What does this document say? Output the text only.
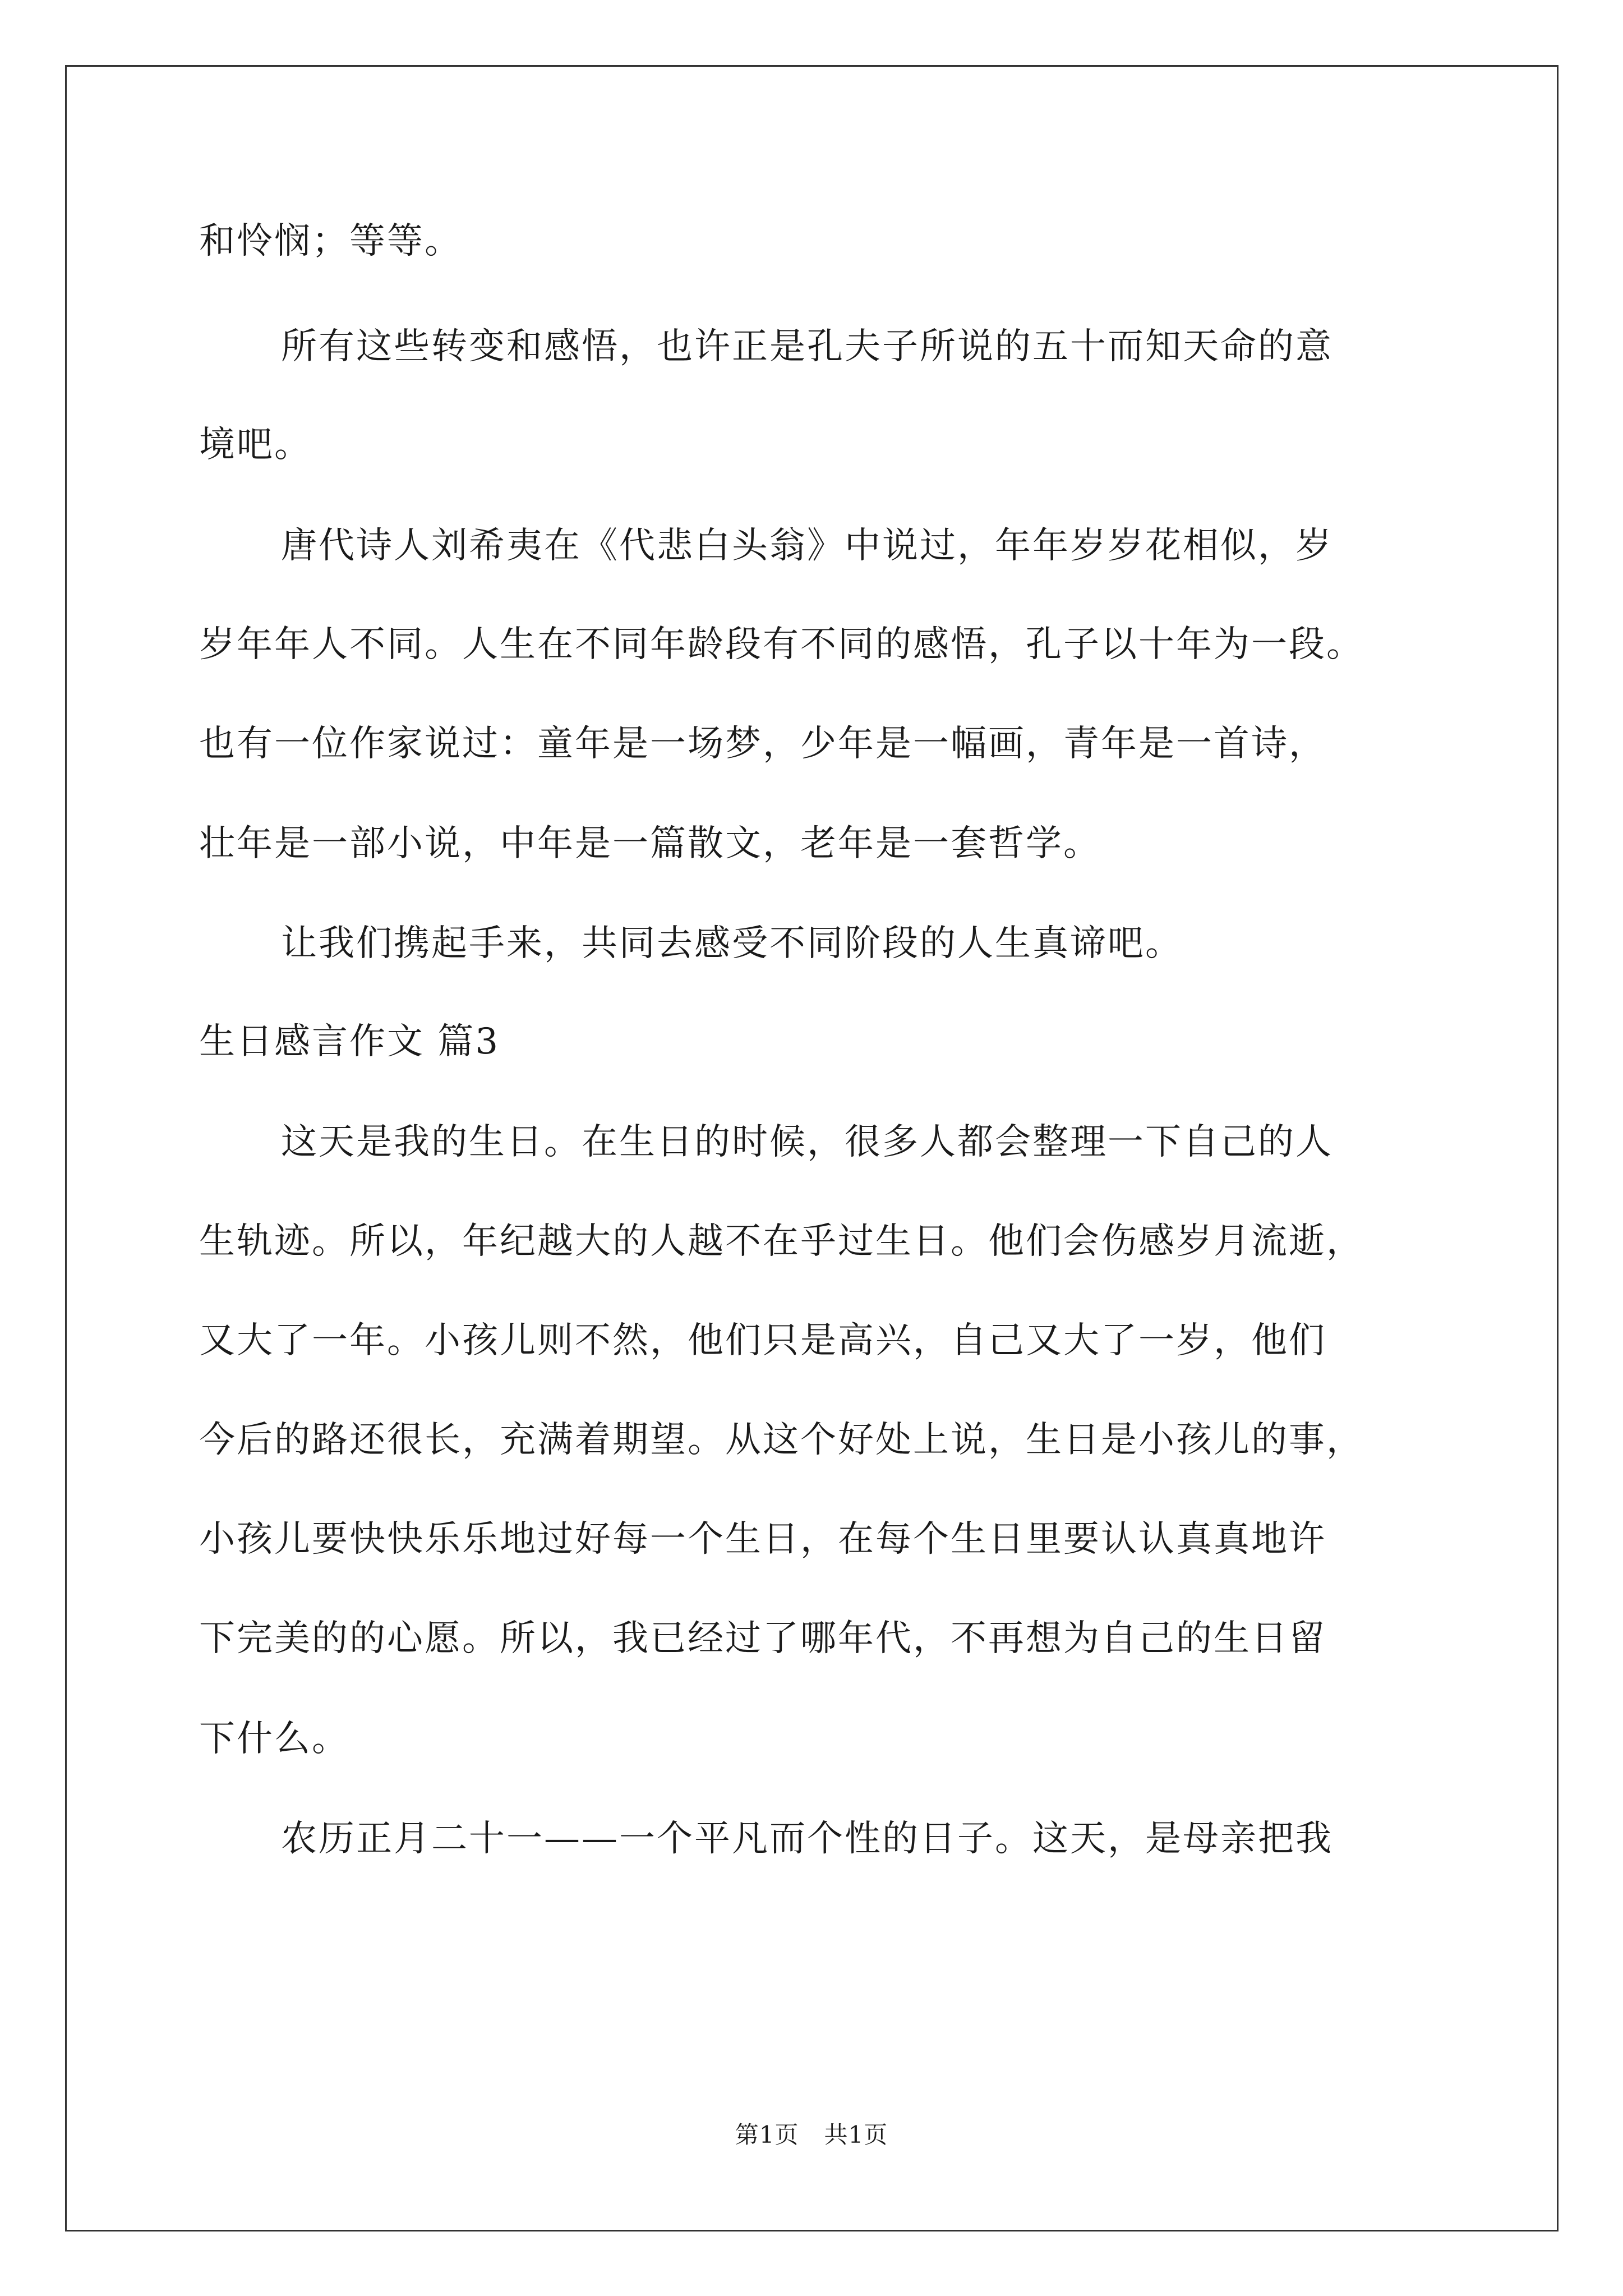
和怜悯；等等。
所有这些转变和感悟，也许正是孔夫子所说的五十而知天命的意
境吧。
唐代诗人刘希夷在《代悲白头翁》中说过，年年岁岁花相似，岁
岁年年人不同。人生在不同年龄段有不同的感悟，孔子以十年为一段。
也有一位作家说过：童年是一场梦，少年是一幅画，青年是一首诗，
壮年是一部小说，中年是一篇散文，老年是一套哲学。
让我们携起手来，共同去感受不同阶段的人生真谛吧。
生日感言作文 篇3
这天是我的生日。在生日的时候，很多人都会整理一下自己的人
生轨迹。所以，年纪越大的人越不在乎过生日。他们会伤感岁月流逝，
又大了一年。小孩儿则不然，他们只是高兴，自己又大了一岁，他们
今后的路还很长，充满着期望。从这个好处上说，生日是小孩儿的事，
小孩儿要快快乐乐地过好每一个生日，在每个生日里要认认真真地许
下完美的的心愿。所以，我已经过了哪年代，不再想为自己的生日留
下什么。
农历正月二十一——一个平凡而个性的日子。这天，是母亲把我
第1页 共1页
